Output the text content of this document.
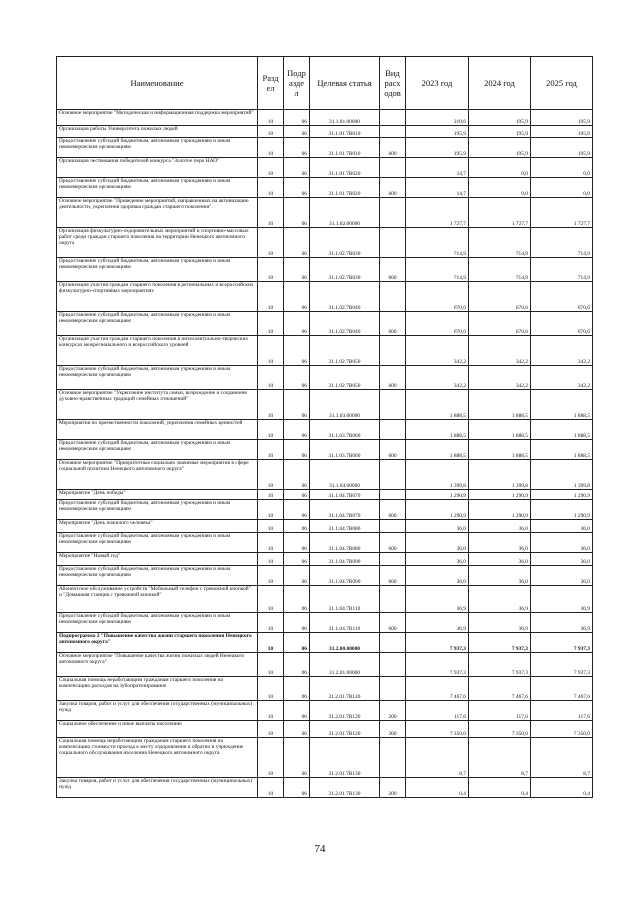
Наименование	Разд ел	Подр азде л	Целевая статья	Вид расх одов	2023 год	2024 год	2025 год
Основное мероприятие "Методическая и информационная поддержка мероприятий"	10	06	31.1.01.00000		210,6	195,9	195,9
Организация работы Университета пожилых людей	10	06	31.1.01.7В010		195,9	195,9	195,9
Предоставление субсидий бюджетным, автономным учреждениям и иным некоммерческим организациям	10	06	31.1.01.7В010	600	195,9	195,9	195,9
Организация чествования победителей конкурса "Золотое перо НАО"	10	06	31.1.01.7В020		14,7	0,0	0,0
Предоставление субсидий бюджетным, автономным учреждениям и иным некоммерческим организациям	10	06	31.1.01.7В020	600	14,7	0,0	0,0
Основное мероприятие "Проведение мероприятий, направленных на активизацию деятельности, укрепления здоровья граждан старшего поколения"	10	06	31.1.02.00000		1 727,7	1 727,7	1 727,7
Организация физкультурно-оздоровительных мероприятий и спортивно-массовых работ среди граждан старшего поколения на территории Ненецкого автономного округа	10	06	31.1.02.7В030		714,9	714,9	714,9
Предоставление субсидий бюджетным, автономным учреждениям и иным некоммерческим организациям	10	06	31.1.02.7В030	600	714,9	714,9	714,9
Организация участия граждан старшего поколения в региональных и всероссийских физкультурно-спортивных мероприятиях	10	06	31.1.02.7В040		670,6	670,6	670,6
Предоставление субсидий бюджетным, автономным учреждениям и иным некоммерческим организациям	10	06	31.1.02.7В040	600	670,6	670,6	670,6
Организация участия граждан старшего поколения в интеллектуально-творческих конкурсах межрегионального и всероссийского уровней	10	06	31.1.02.7В050		342,2	342,2	342,2
Предоставление субсидий бюджетным, автономным учреждениям и иным некоммерческим организациям	10	06	31.1.02.7В050	600	342,2	342,2	342,2
Основное мероприятие "Укрепление института семьи, возрождение и сохранение духовно-нравственных традиций семейных отношений"	10	06	31.1.03.00000		1 888,5	1 888,5	1 888,5
Мероприятия по преемственности поколений, укрепления семейных ценностей	10	06	31.1.03.7В060		1 888,5	1 888,5	1 888,5
Предоставление субсидий бюджетным, автономным учреждениям и иным некоммерческим организациям	10	06	31.1.03.7В060	600	1 888,5	1 888,5	1 888,5
Основное мероприятие "Приоритетные социально значимые мероприятия в сфере социальной политики Ненецкого автономного округа"	10	06	31.1.04.00000		1 399,8	1 399,8	1 399,8
Мероприятие "День победы"	10	06	31.1.04.7В070		1 290,9	1 290,9	1 290,9
Предоставление субсидий бюджетным, автономным учреждениям и иным некоммерческим организациям	10	06	31.1.04.7В070	600	1 290,9	1 290,9	1 290,9
Мероприятие "День пожилого человека"	10	06	31.1.04.7В080		36,0	36,0	36,0
Предоставление субсидий бюджетным, автономным учреждениям и иным некоммерческим организациям	10	06	31.1.04.7В080	600	36,0	36,0	36,0
Мероприятие "Новый год"	10	06	31.1.04.7В090		36,0	36,0	36,0
Предоставление субсидий бюджетным, автономным учреждениям и иным некоммерческим организациям	10	06	31.1.04.7В090	600	36,0	36,0	36,0
Абонентское обслуживание устройств "Мобильный телефон с тревожной кнопкой" и "Домашняя станция с тревожной кнопкой"	10	06	31.1.04.7В110		36,9	36,9	36,9
Предоставление субсидий бюджетным, автономным учреждениям и иным некоммерческим организациям	10	06	31.1.04.7В110	600	36,9	36,9	36,9
Подпрограмма 2 "Повышение качества жизни старшего поколения Ненецкого автономного округа"	10	06	31.2.00.00000		7 937,3	7 937,3	7 937,3
Основное мероприятие "Повышение качества жизни пожилых людей Ненецкого автономного округа"	10	06	31.2.01.00000		7 937,3	7 937,3	7 937,3
Социальная помощь неработающим гражданам старшего поколения на компенсацию расходов на зубопротезирование	10	06	31.2.01.7В120		7 467,6	7 467,6	7 467,6
Закупка товаров, работ и услуг для обеспечения государственных (муниципальных) нужд	10	06	31.2.01.7В120	200	117,6	117,6	117,6
Социальное обеспечение и иные выплаты населению	10	06	31.2.01.7В120	300	7 350,0	7 350,0	7 350,0
Социальная помощь неработающим гражданам старшего поколения на компенсацию стоимости проезда к месту оздоровления и обратно и учреждение социального обслуживания населения Ненецкого автономного округа	10	06	31.2.01.7В130		8,7	8,7	8,7
Закупка товаров, работ и услуг для обеспечения государственных (муниципальных) нужд	10	06	31.2.01.7В130	200	0,4	0,4	0,4
74
